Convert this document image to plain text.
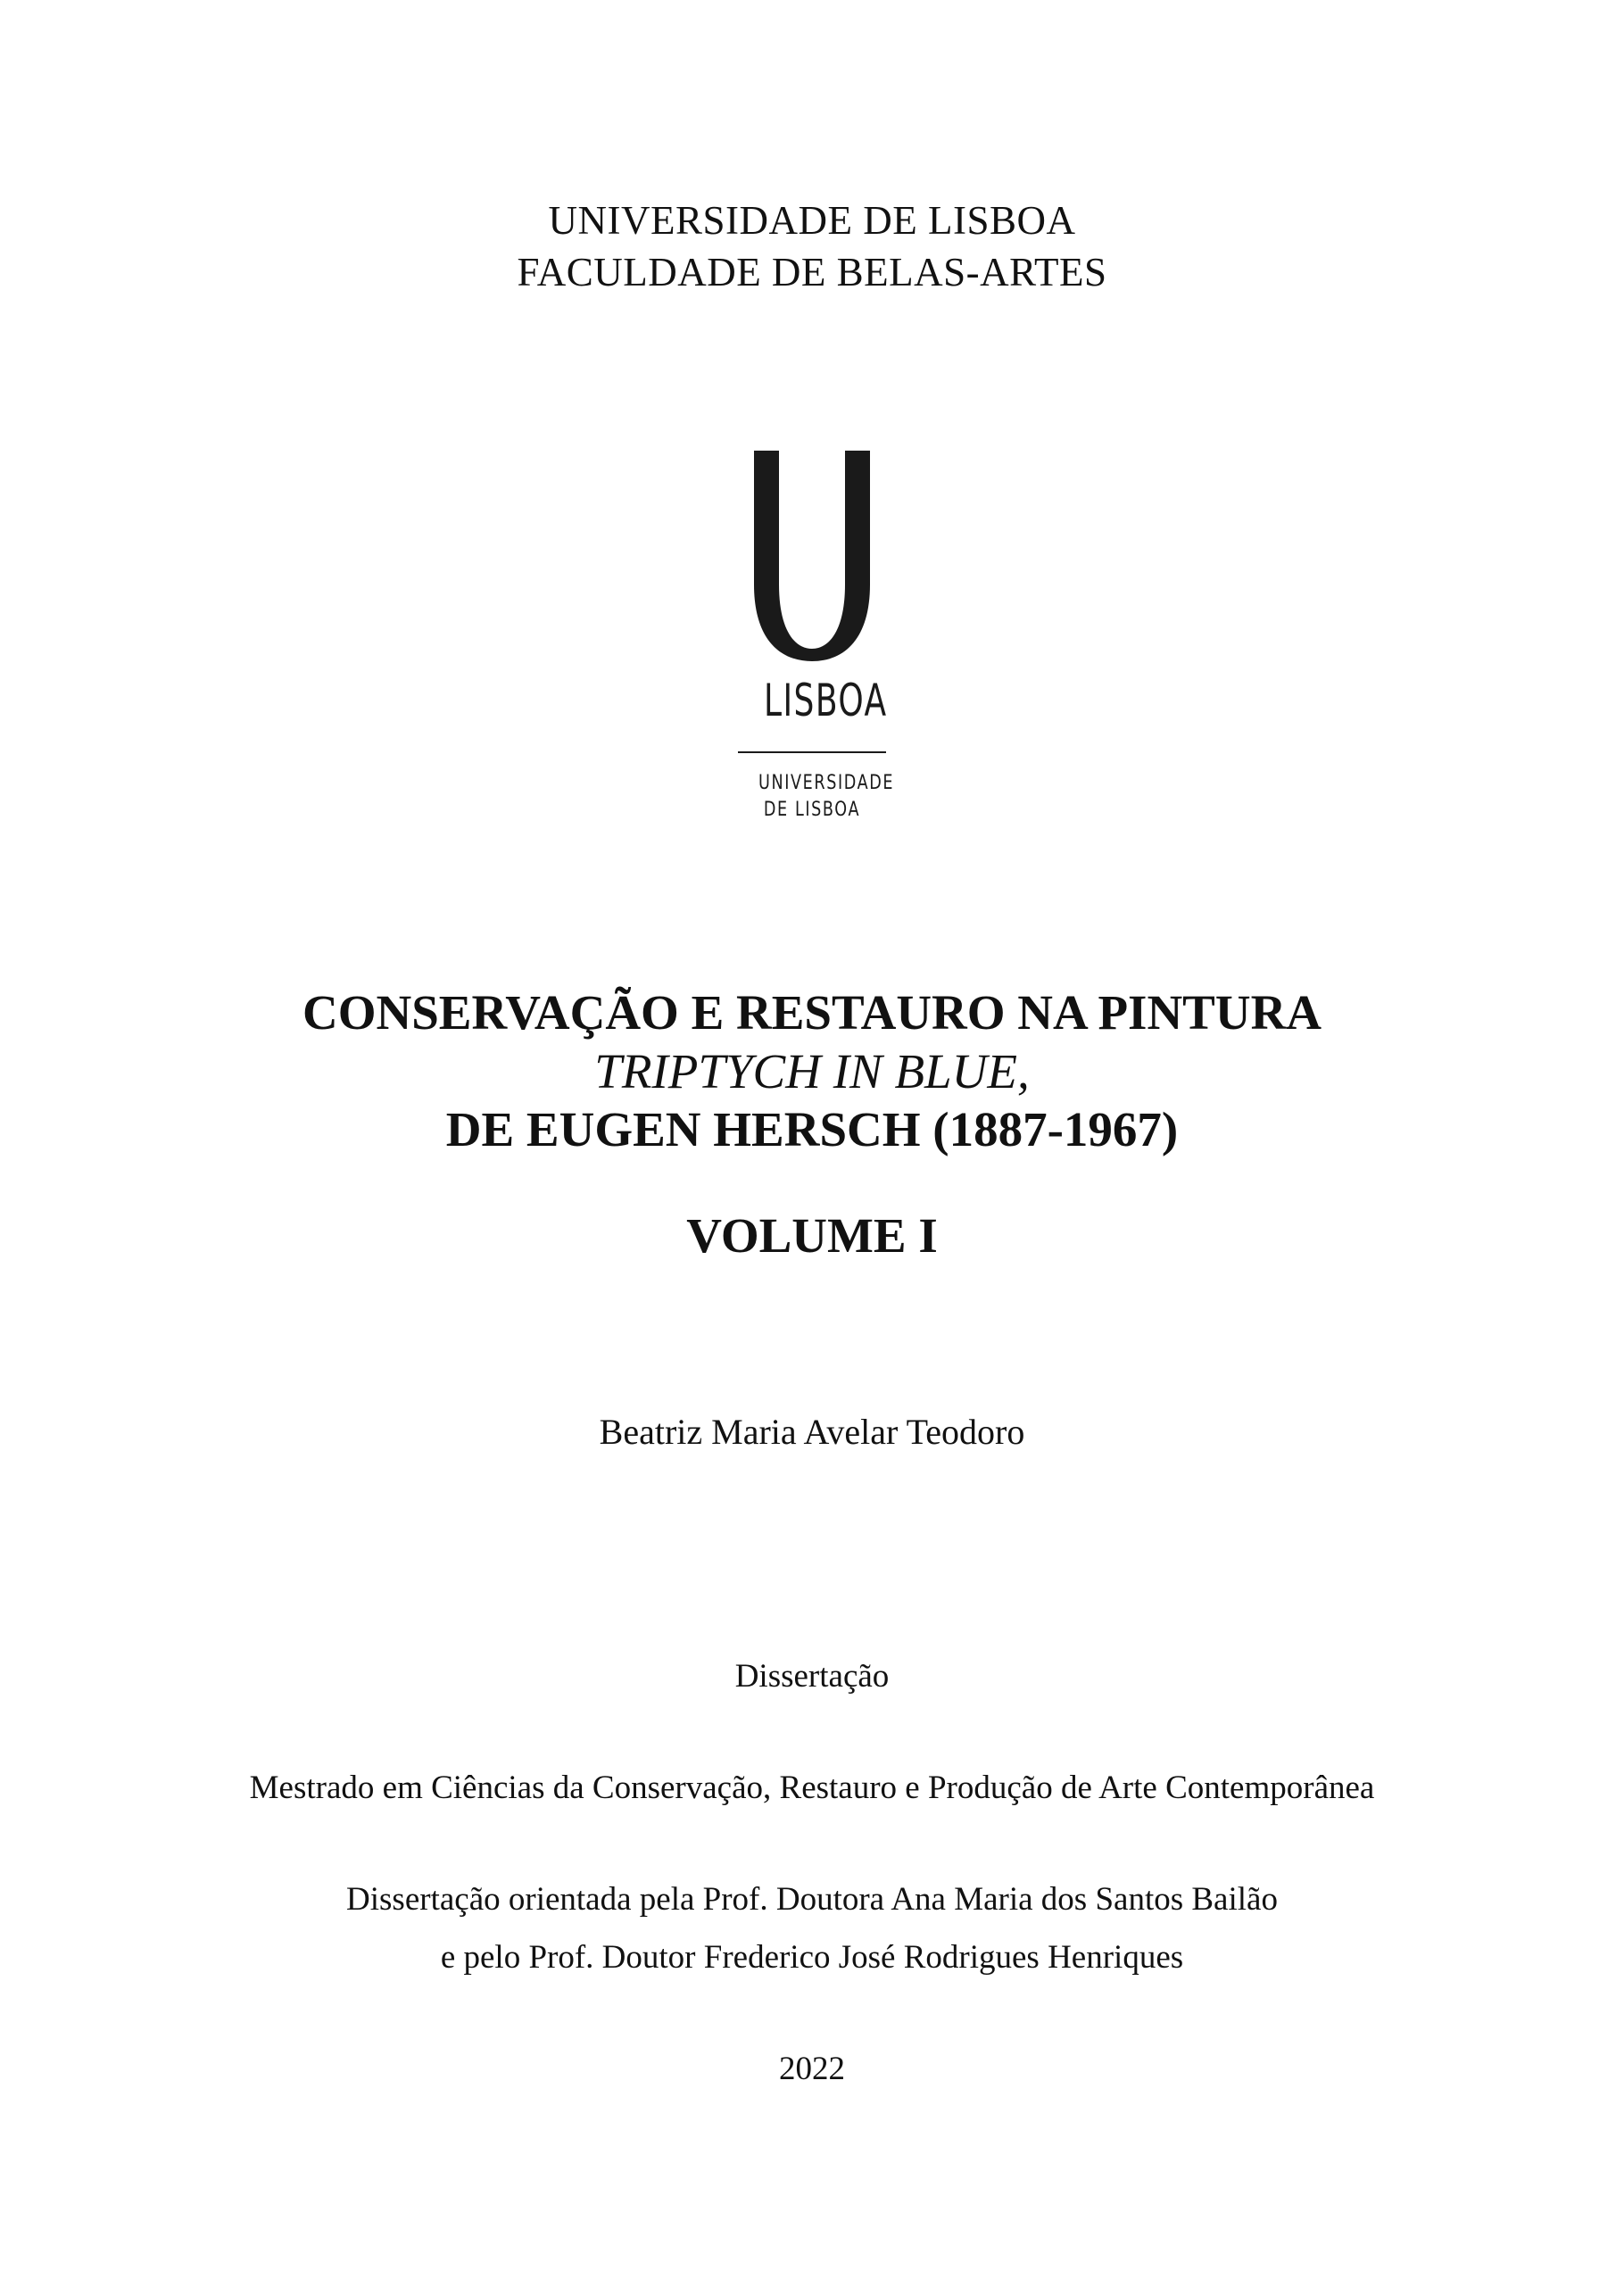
UNIVERSIDADE DE LISBOA
FACULDADE DE BELAS-ARTES
LISBOA
UNIVERSIDADE
DE LISBOA
CONSERVAÇÃO E RESTAURO NA PINTURA
TRIPTYCH IN BLUE,
DE EUGEN HERSCH (1887-1967)
VOLUME I
Beatriz Maria Avelar Teodoro
Dissertação
Mestrado em Ciências da Conservação, Restauro e Produção de Arte Contemporânea
Dissertação orientada pela Prof. Doutora Ana Maria dos Santos Bailão
e pelo Prof. Doutor Frederico José Rodrigues Henriques
2022
